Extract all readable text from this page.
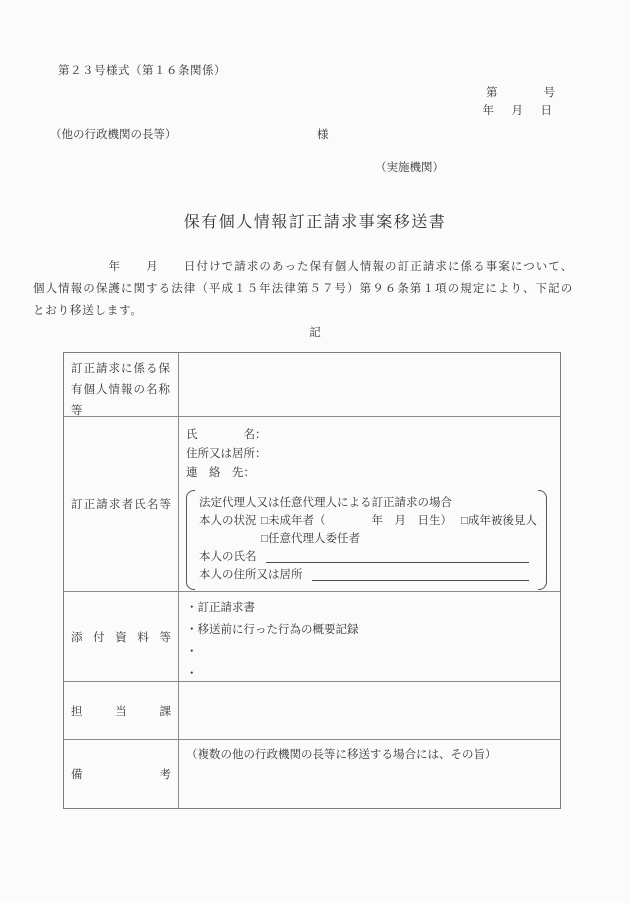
第２３号様式（第１６条関係）
第　　　　号
年　月　日
（他の行政機関の長等）	様
（実施機関）
保有個人情報訂正請求事案移送書

　　　　　　年　　月　　日付けで請求のあった保有個人情報の訂正請求に係る事案について、個人情報の保護に関する法律（平成１５年法律第５７号）第９６条第１項の規定により、下記のとおり移送します。

記
訂正請求に係る保有個人情報の名称等
訂正請求者氏名等
氏　　　　名：
住所又は居所：
連　絡　先：
法定代理人又は任意代理人による訂正請求の場合
本人の状況 □未成年者（　　　　年　月　日生） □成年被後見人
□任意代理人委任者
本人の氏名
本人の住所又は居所
添付資料等
・訂正請求書
・移送前に行った行為の概要記録
・
・
担当課
備考
（複数の他の行政機関の長等に移送する場合には、その旨）
